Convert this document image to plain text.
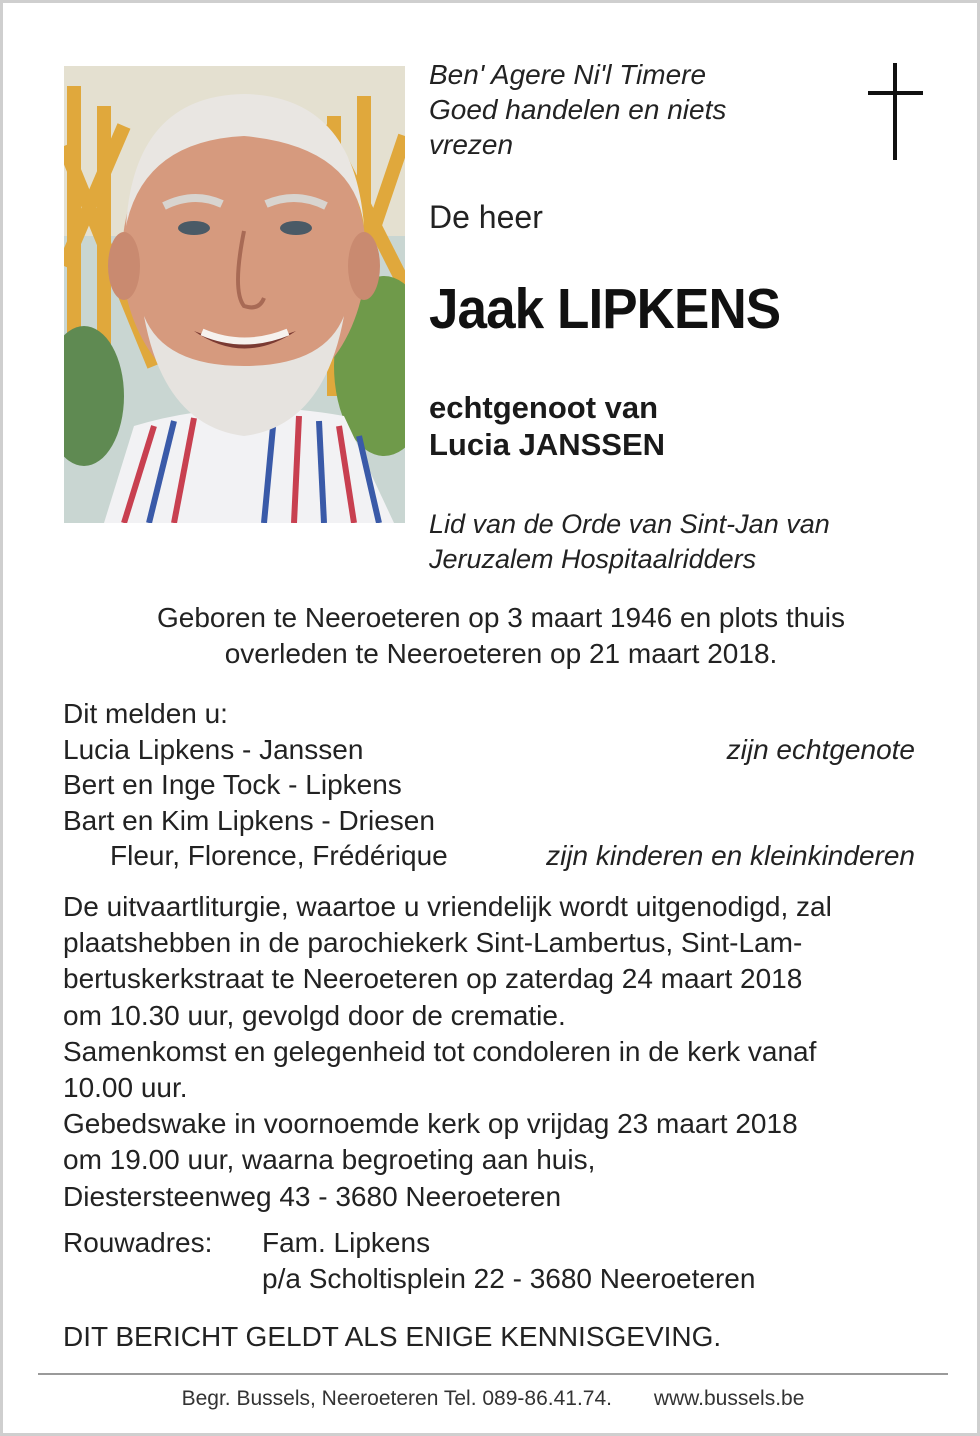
Ben' Agere Ni'l Timere
Goed handelen en niets
vrezen
De heer
Jaak LIPKENS
echtgenoot van
Lucia JANSSEN
Lid van de Orde van Sint-Jan van
Jeruzalem Hospitaalridders
Geboren te Neeroeteren op 3 maart 1946 en plots thuis
overleden te Neeroeteren op 21 maart 2018.
Dit melden u:
Lucia Lipkens - Janssen	zijn echtgenote
Bert en Inge Tock - Lipkens
Bart en Kim Lipkens - Driesen
Fleur, Florence, Frédérique	zijn kinderen en kleinkinderen
De uitvaartliturgie, waartoe u vriendelijk wordt uitgenodigd, zal
plaatshebben in de parochiekerk Sint-Lambertus, Sint-Lam-
bertuskerkstraat te Neeroeteren op zaterdag 24 maart 2018
om 10.30 uur, gevolgd door de crematie.
Samenkomst en gelegenheid tot condoleren in de kerk vanaf
10.00 uur.
Gebedswake in voornoemde kerk op vrijdag 23 maart 2018
om 19.00 uur, waarna begroeting aan huis,
Diestersteenweg 43 - 3680 Neeroeteren
Rouwadres:	Fam. Lipkens
p/a Scholtisplein 22 - 3680 Neeroeteren
DIT BERICHT GELDT ALS ENIGE KENNISGEVING.
Begr. Bussels, Neeroeteren Tel. 089-86.41.74. www.bussels.be
